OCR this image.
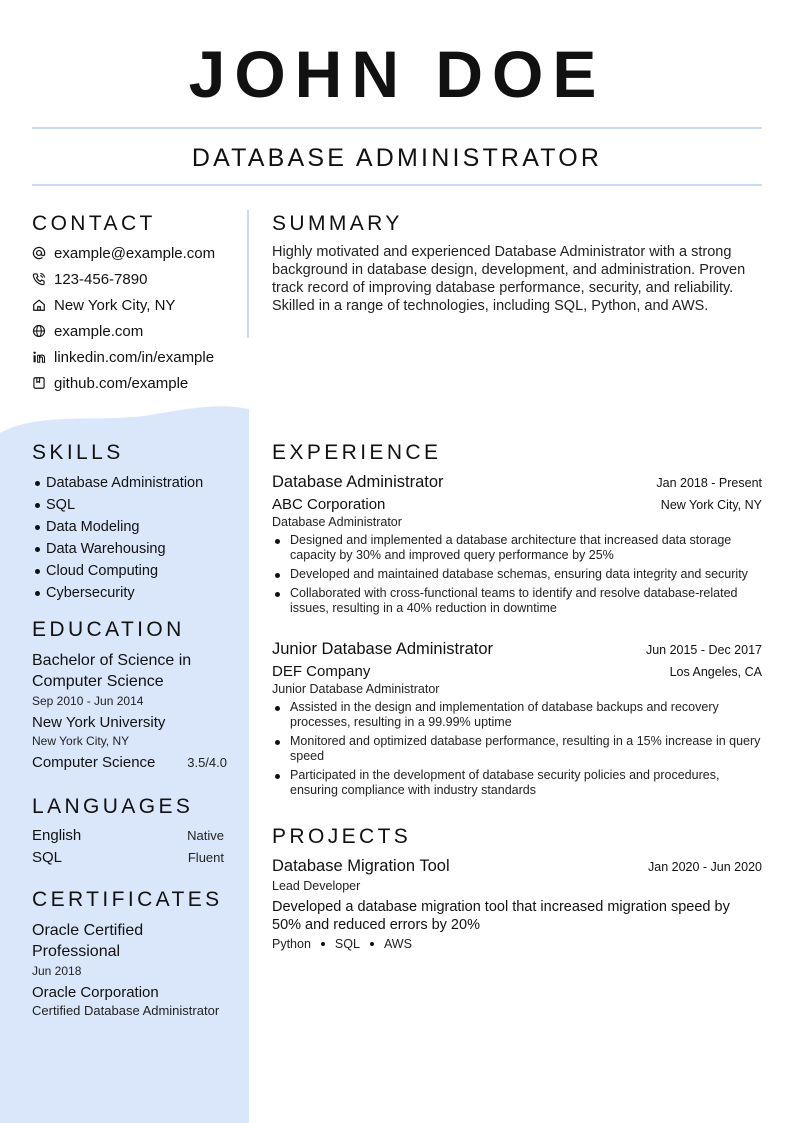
JOHN DOE
DATABASE ADMINISTRATOR
CONTACT
example@example.com
123-456-7890
New York City, NY
example.com
linkedin.com/in/example
github.com/example
SUMMARY
Highly motivated and experienced Database Administrator with a strong background in database design, development, and administration. Proven track record of improving database performance, security, and reliability. Skilled in a range of technologies, including SQL, Python, and AWS.
SKILLS
Database Administration
SQL
Data Modeling
Data Warehousing
Cloud Computing
Cybersecurity
EDUCATION
Bachelor of Science in Computer Science
Sep 2010 - Jun 2014
New York University
New York City, NY
Computer Science 3.5/4.0
LANGUAGES
English	Native
SQL	Fluent
CERTIFICATES
Oracle Certified Professional
Jun 2018
Oracle Corporation
Certified Database Administrator
EXPERIENCE
Database Administrator	Jan 2018 - Present
ABC Corporation	New York City, NY
Database Administrator
Designed and implemented a database architecture that increased data storage capacity by 30% and improved query performance by 25%
Developed and maintained database schemas, ensuring data integrity and security
Collaborated with cross-functional teams to identify and resolve database-related issues, resulting in a 40% reduction in downtime
Junior Database Administrator	Jun 2015 - Dec 2017
DEF Company	Los Angeles, CA
Junior Database Administrator
Assisted in the design and implementation of database backups and recovery processes, resulting in a 99.99% uptime
Monitored and optimized database performance, resulting in a 15% increase in query speed
Participated in the development of database security policies and procedures, ensuring compliance with industry standards
PROJECTS
Database Migration Tool	Jan 2020 - Jun 2020
Lead Developer
Developed a database migration tool that increased migration speed by 50% and reduced errors by 20%
Python SQL AWS
